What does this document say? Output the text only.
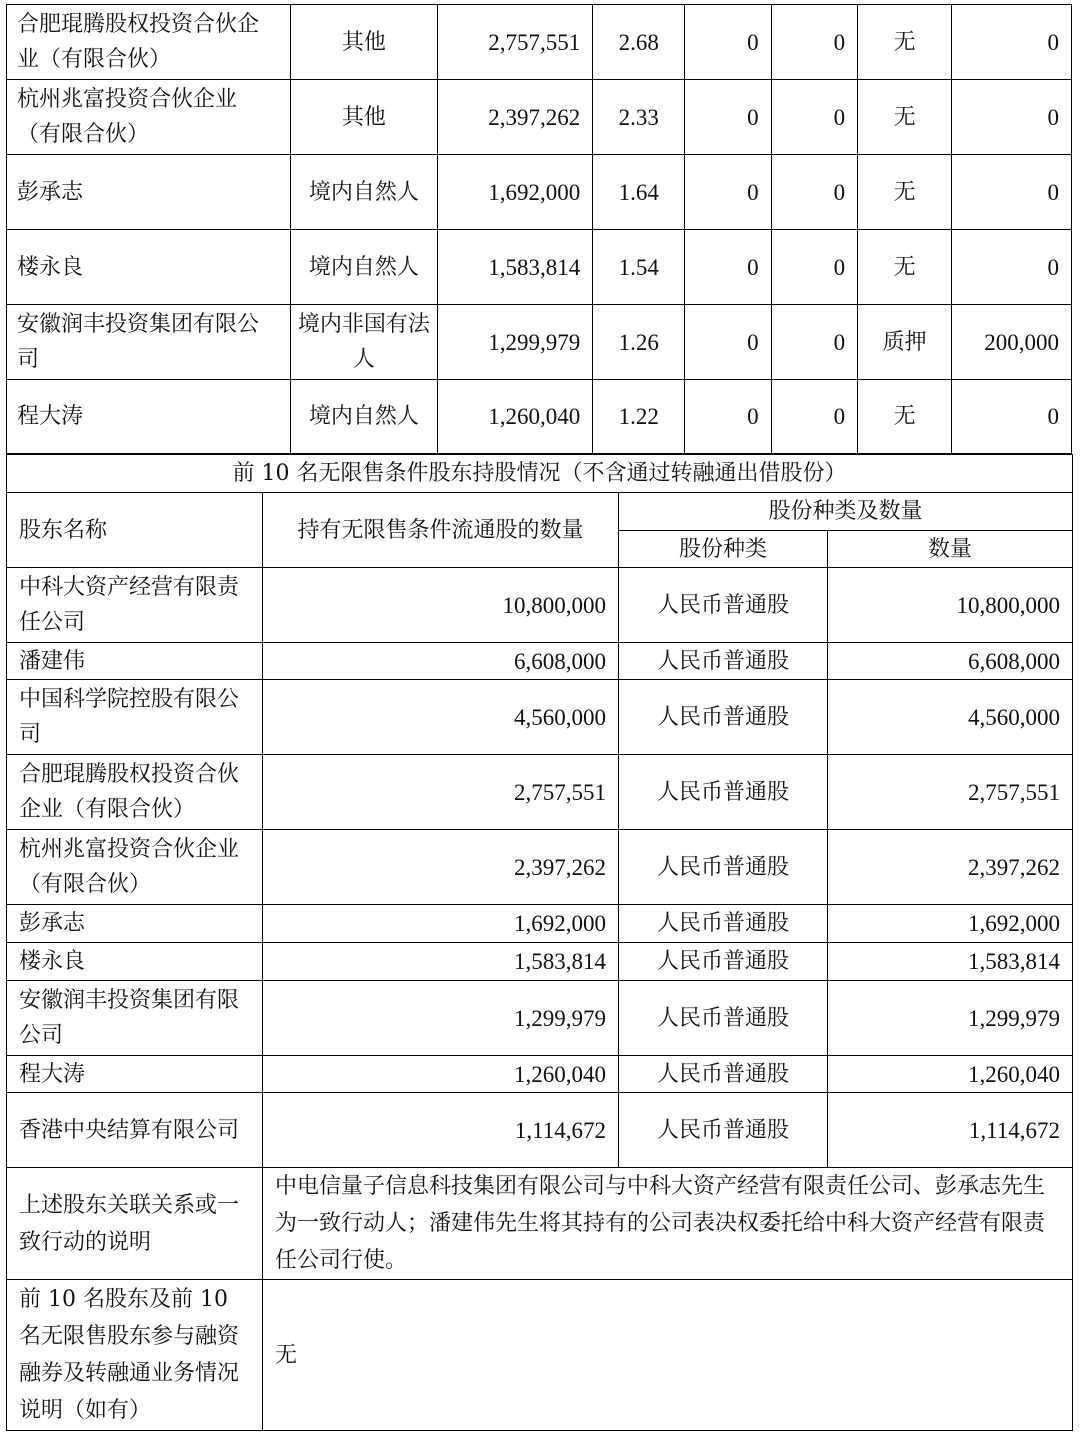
合肥琨腾股权投资合伙企业（有限合伙）	其他	2,757,551	2.68	0	0	无	0
杭州兆富投资合伙企业（有限合伙）	其他	2,397,262	2.33	0	0	无	0
彭承志	境内自然人	1,692,000	1.64	0	0	无	0
楼永良	境内自然人	1,583,814	1.54	0	0	无	0
安徽润丰投资集团有限公司	境内非国有法人	1,299,979	1.26	0	0	质押	200,000
程大涛	境内自然人	1,260,040	1.22	0	0	无	0
前 10 名无限售条件股东持股情况（不含通过转融通出借股份）			
股东名称	持有无限售条件流通股的数量	股份种类及数量	
		股份种类	数量
中科大资产经营有限责任公司	10,800,000	人民币普通股	10,800,000
潘建伟	6,608,000	人民币普通股	6,608,000
中国科学院控股有限公司	4,560,000	人民币普通股	4,560,000
合肥琨腾股权投资合伙企业（有限合伙）	2,757,551	人民币普通股	2,757,551
杭州兆富投资合伙企业（有限合伙）	2,397,262	人民币普通股	2,397,262
彭承志	1,692,000	人民币普通股	1,692,000
楼永良	1,583,814	人民币普通股	1,583,814
安徽润丰投资集团有限公司	1,299,979	人民币普通股	1,299,979
程大涛	1,260,040	人民币普通股	1,260,040
香港中央结算有限公司	1,114,672	人民币普通股	1,114,672
上述股东关联关系或一致行动的说明	中电信量子信息科技集团有限公司与中科大资产经营有限责任公司、彭承志先生为一致行动人；潘建伟先生将其持有的公司表决权委托给中科大资产经营有限责任公司行使。		
前 10 名股东及前 10 名无限售股东参与融资融券及转融通业务情况说明（如有）	无		
